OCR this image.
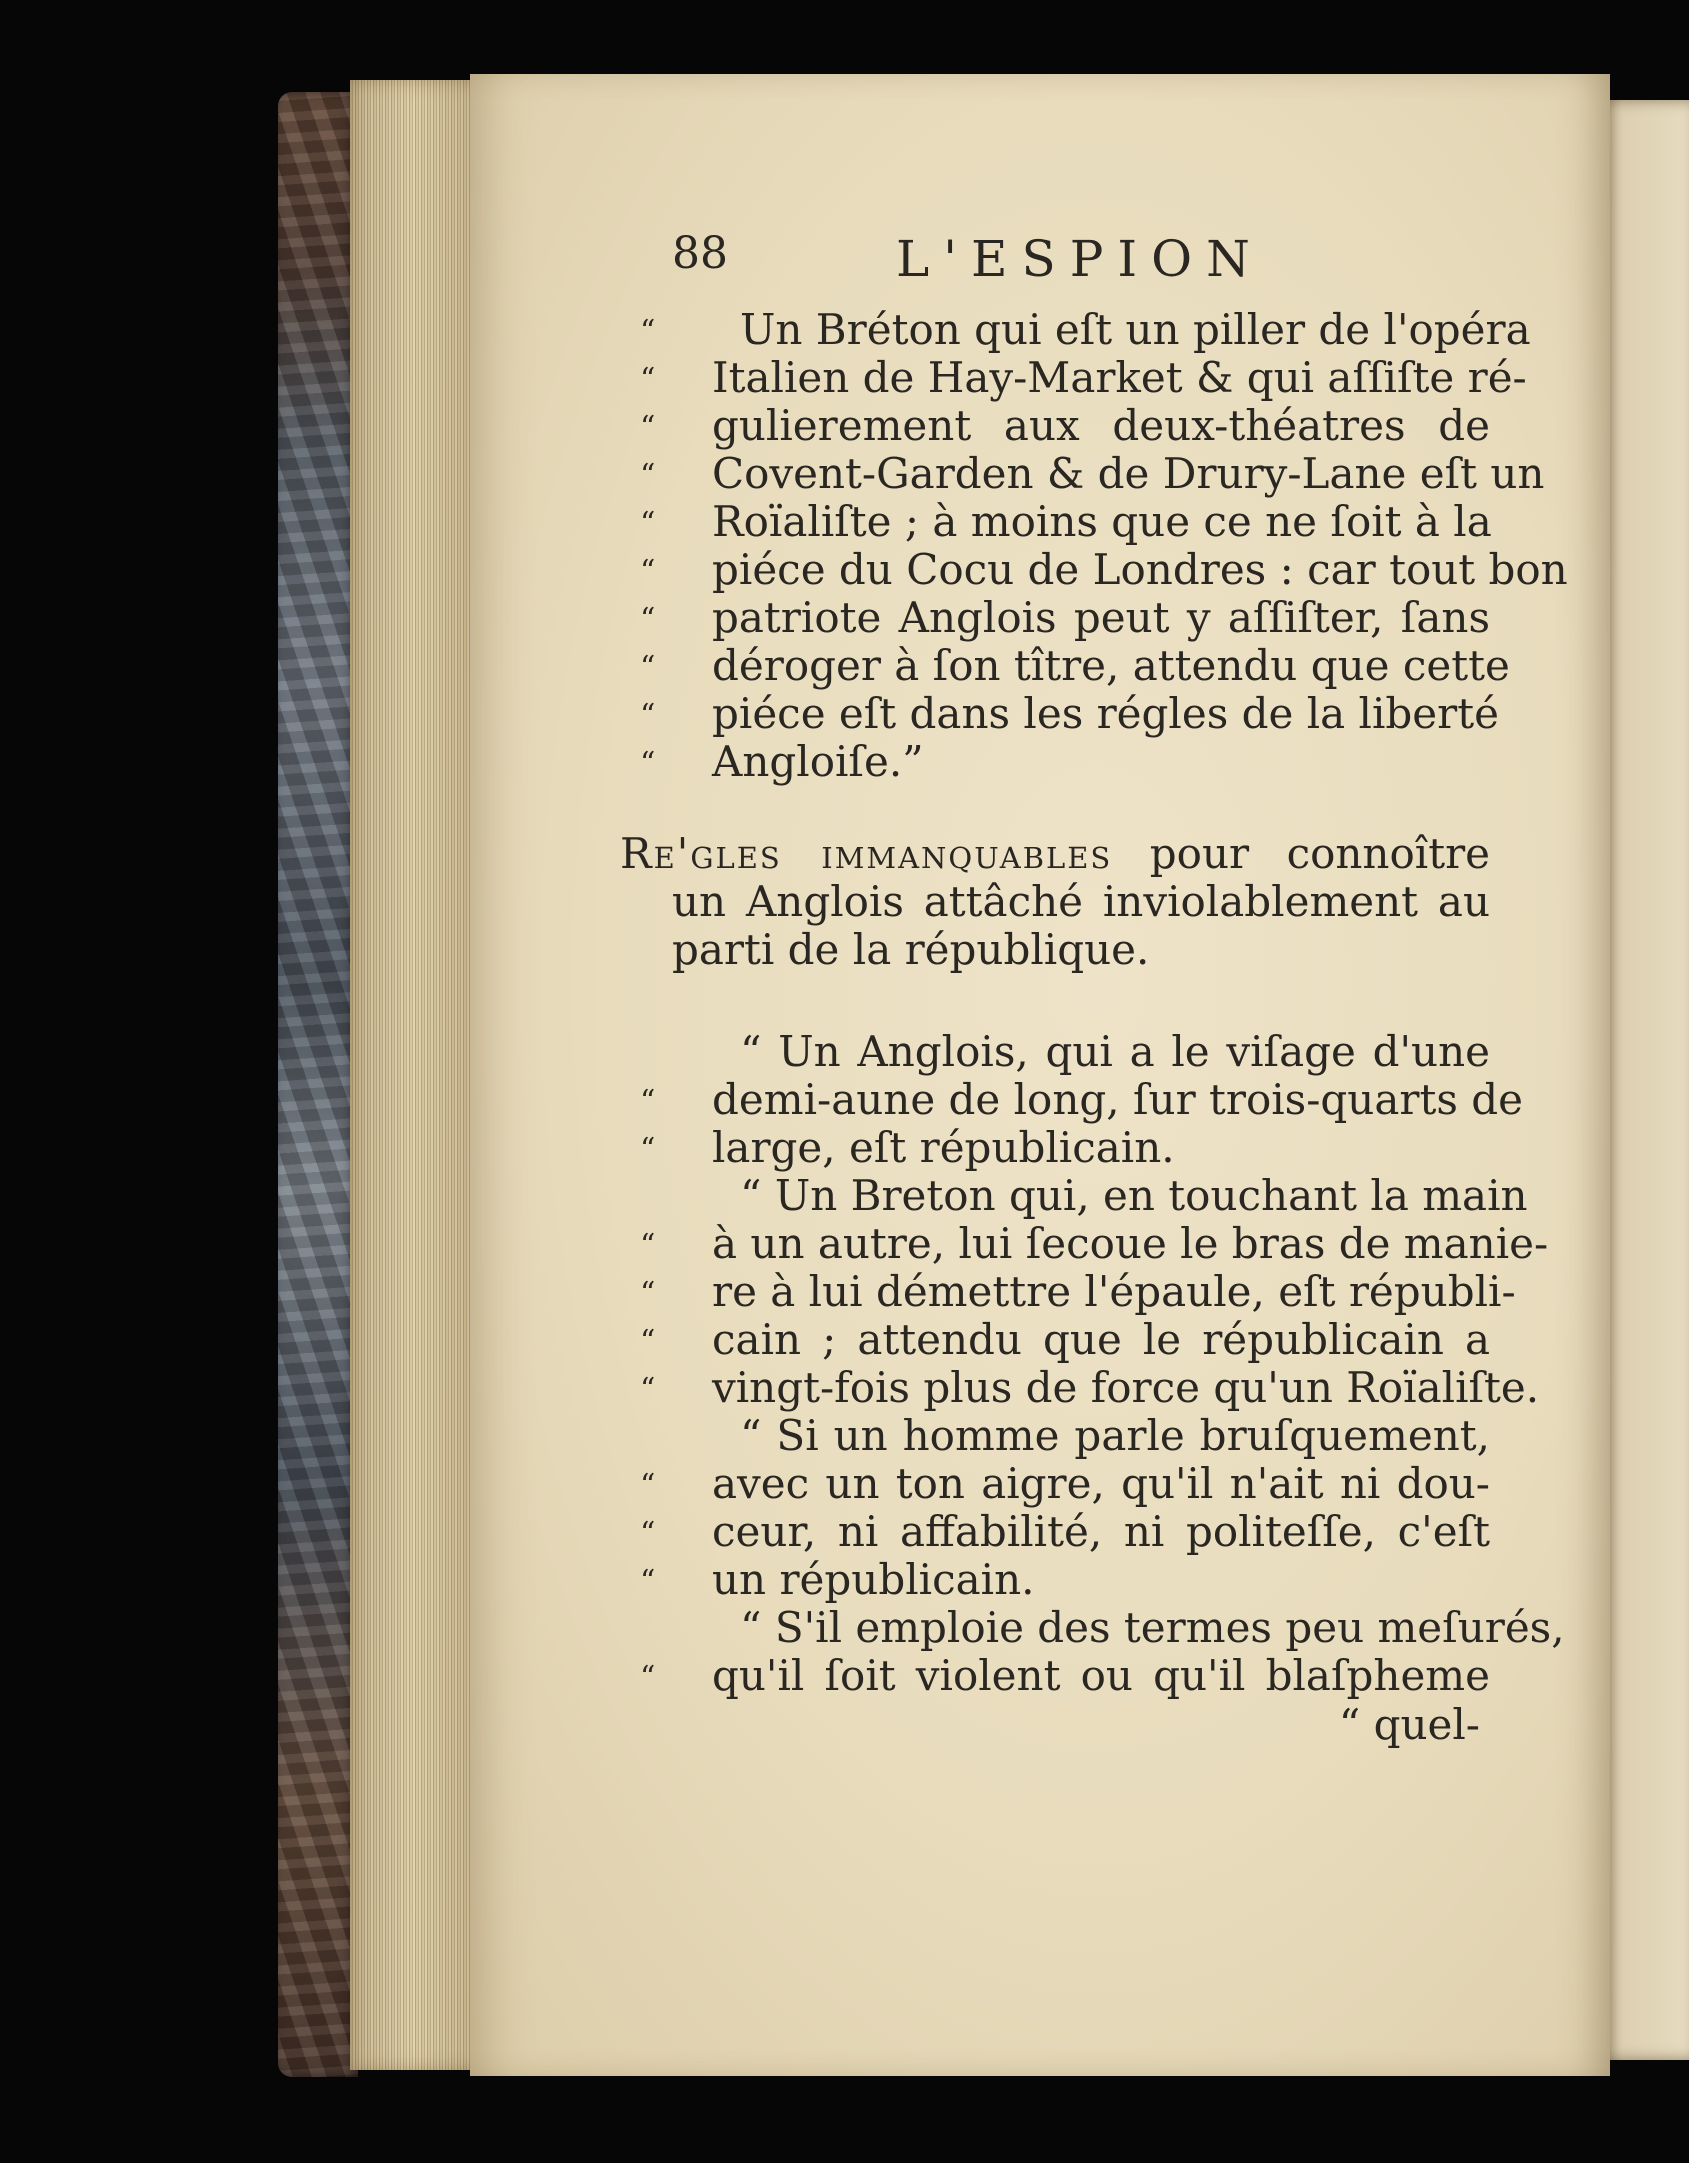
88	L'ESPION
“ Un Bréton qui eſt un piller de l'opéra
“ Italien de Hay-Market & qui aſſiſte ré-
“ gulierement aux deux-théatres de
“ Covent-Garden & de Drury-Lane eſt un
“ Roïaliſte ; à moins que ce ne ſoit à la
“ piéce du Cocu de Londres : car tout bon
“ patriote Anglois peut y aſſiſter, ſans
“ déroger à ſon tître, attendu que cette
“ piéce eſt dans les régles de la liberté
“ Angloiſe.”
Re'gles immanquables pour connoître
un Anglois attâché inviolablement au
parti de la république.
“ Un Anglois, qui a le viſage d'une
“ demi-aune de long, ſur trois-quarts de
“ large, eſt républicain.
“ Un Breton qui, en touchant la main
“ à un autre, lui ſecoue le bras de manie-
“ re à lui démettre l'épaule, eſt républi-
“ cain ; attendu que le républicain a
“ vingt-fois plus de force qu'un Roïaliſte.
“ Si un homme parle bruſquement,
“ avec un ton aigre, qu'il n'ait ni dou-
“ ceur, ni affabilité, ni politeſſe, c'eſt
“ un républicain.
“ S'il emploie des termes peu meſurés,
“ qu'il ſoit violent ou qu'il blaſpheme
“ quel-
